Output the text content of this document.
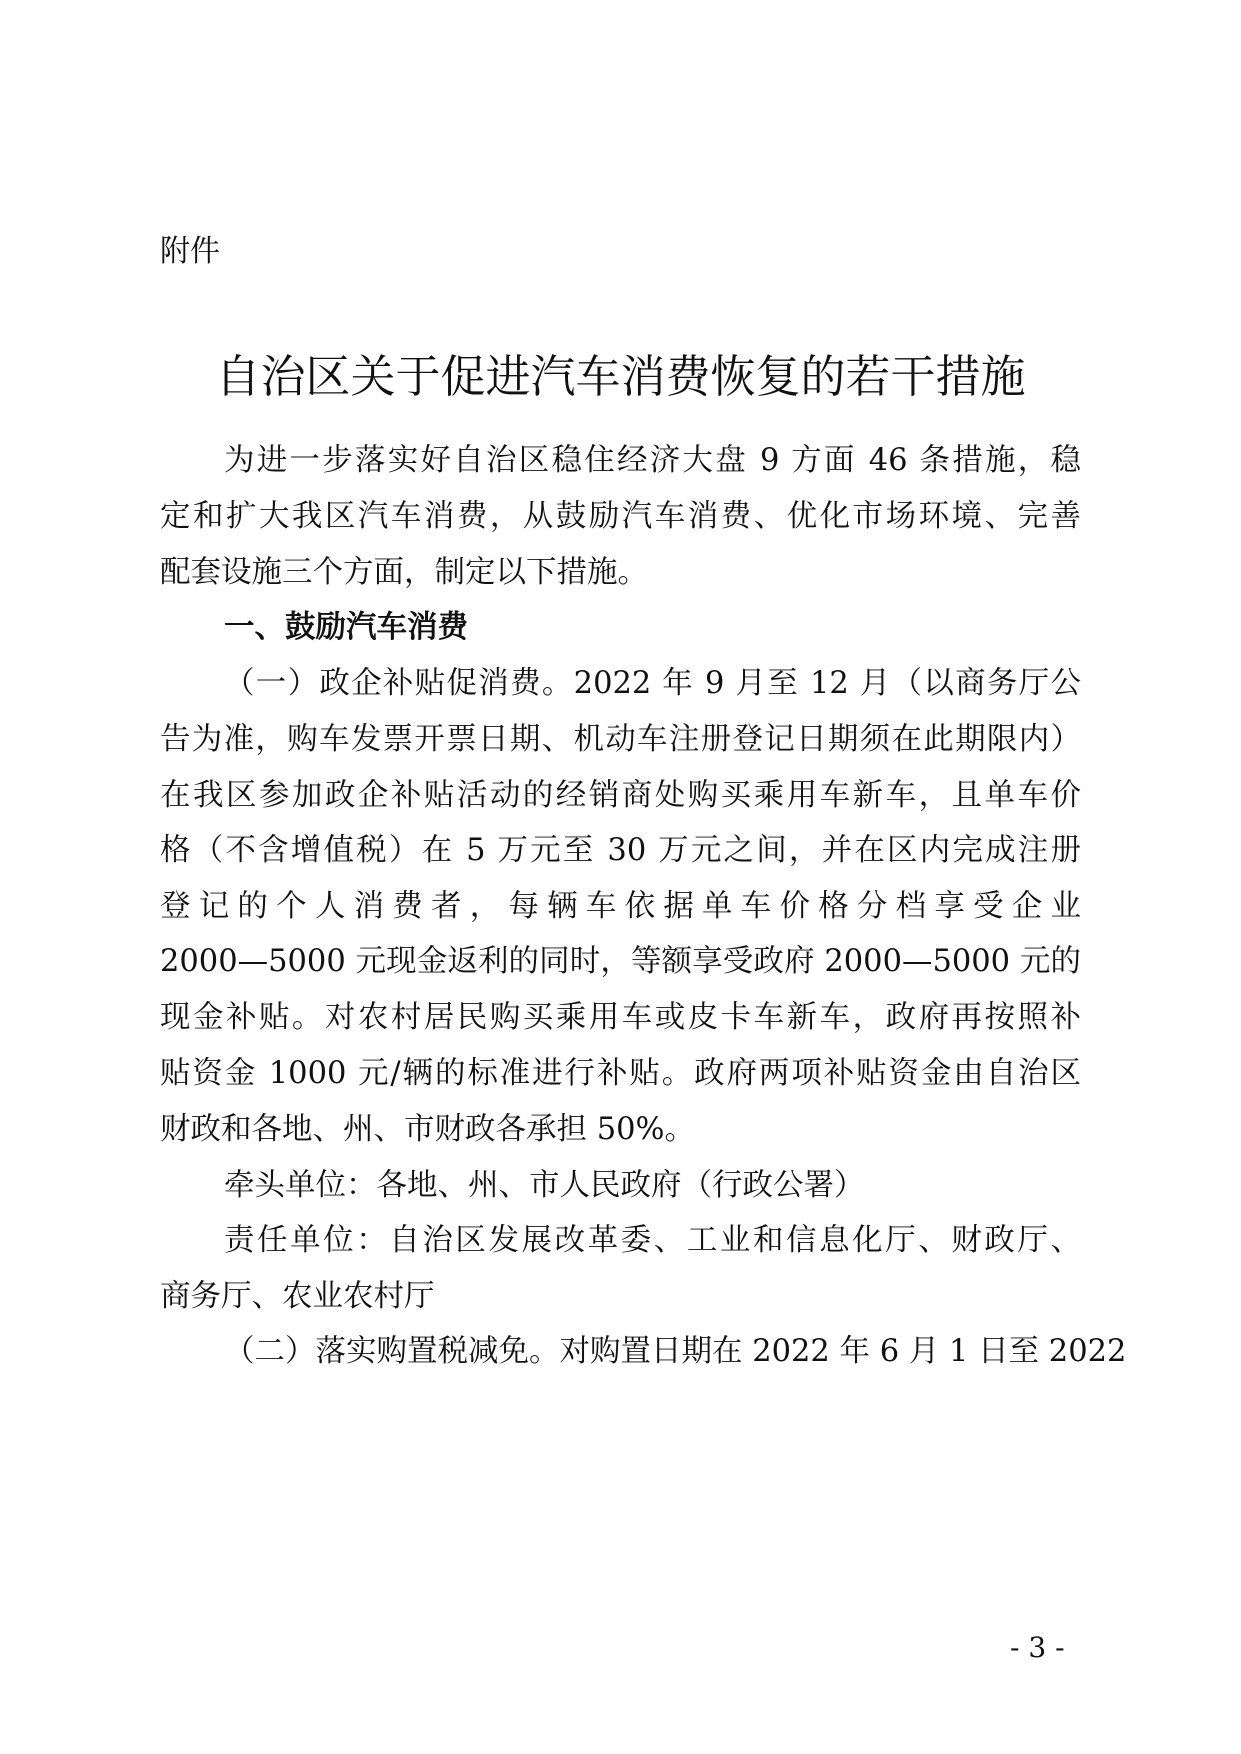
附件

自治区关于促进汽车消费恢复的若干措施

为进一步落实好自治区稳住经济大盘 9 方面 46 条措施，稳

定和扩大我区汽车消费，从鼓励汽车消费、优化市场环境、完善

配套设施三个方面，制定以下措施。

一、鼓励汽车消费

（一）政企补贴促消费。2022 年 9 月至 12 月（以商务厅公

告为准，购车发票开票日期、机动车注册登记日期须在此期限内）

在我区参加政企补贴活动的经销商处购买乘用车新车，且单车价

格（不含增值税）在 5 万元至 30 万元之间，并在区内完成注册

登记的个人消费者，每辆车依据单车价格分档享受企业

2000—5000 元现金返利的同时，等额享受政府 2000—5000 元的

现金补贴。对农村居民购买乘用车或皮卡车新车，政府再按照补

贴资金 1000 元/辆的标准进行补贴。政府两项补贴资金由自治区

财政和各地、州、市财政各承担 50%。

牵头单位：各地、州、市人民政府（行政公署）

责任单位：自治区发展改革委、工业和信息化厅、财政厅、

商务厅、农业农村厅

（二）落实购置税减免。对购置日期在 2022 年 6 月 1 日至 2022

- 3 -
